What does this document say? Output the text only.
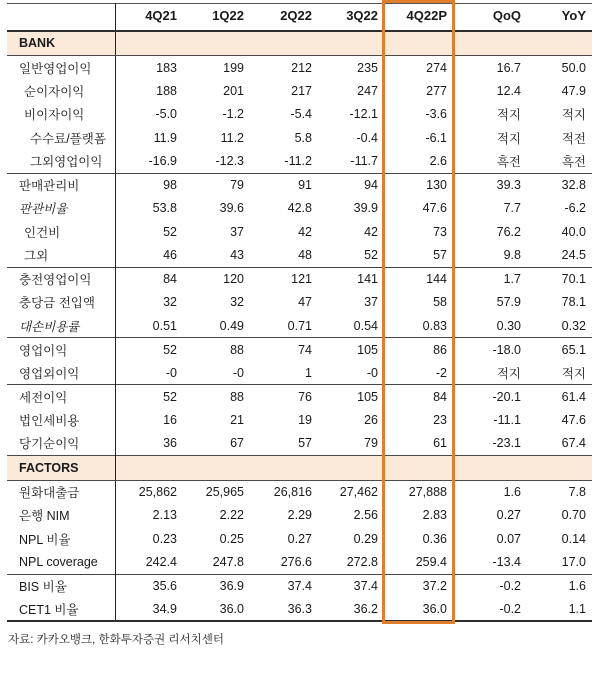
	4Q21	1Q22	2Q22	3Q22	4Q22P	QoQ	YoY
BANK							
일반영업이익	183	199	212	235	274	16.7	50.0
순이자이익	188	201	217	247	277	12.4	47.9
비이자이익	-5.0	-1.2	-5.4	-12.1	-3.6	적지	적지
수수료/플랫폼	11.9	11.2	5.8	-0.4	-6.1	적지	적전
그외영업이익	-16.9	-12.3	-11.2	-11.7	2.6	흑전	흑전
판매관리비	98	79	91	94	130	39.3	32.8
판관비율	53.8	39.6	42.8	39.9	47.6	7.7	-6.2
인건비	52	37	42	42	73	76.2	40.0
그외	46	43	48	52	57	9.8	24.5
충전영업이익	84	120	121	141	144	1.7	70.1
충당금 전입액	32	32	47	37	58	57.9	78.1
대손비용률	0.51	0.49	0.71	0.54	0.83	0.30	0.32
영업이익	52	88	74	105	86	-18.0	65.1
영업외이익	-0	-0	1	-0	-2	적지	적지
세전이익	52	88	76	105	84	-20.1	61.4
법인세비용	16	21	19	26	23	-11.1	47.6
당기순이익	36	67	57	79	61	-23.1	67.4
FACTORS							
원화대출금	25,862	25,965	26,816	27,462	27,888	1.6	7.8
은행 NIM	2.13	2.22	2.29	2.56	2.83	0.27	0.70
NPL 비율	0.23	0.25	0.27	0.29	0.36	0.07	0.14
NPL coverage	242.4	247.8	276.6	272.8	259.4	-13.4	17.0
BIS 비율	35.6	36.9	37.4	37.4	37.2	-0.2	1.6
CET1 비율	34.9	36.0	36.3	36.2	36.0	-0.2	1.1
자료: 카카오뱅크, 한화투자증권 리서치센터
